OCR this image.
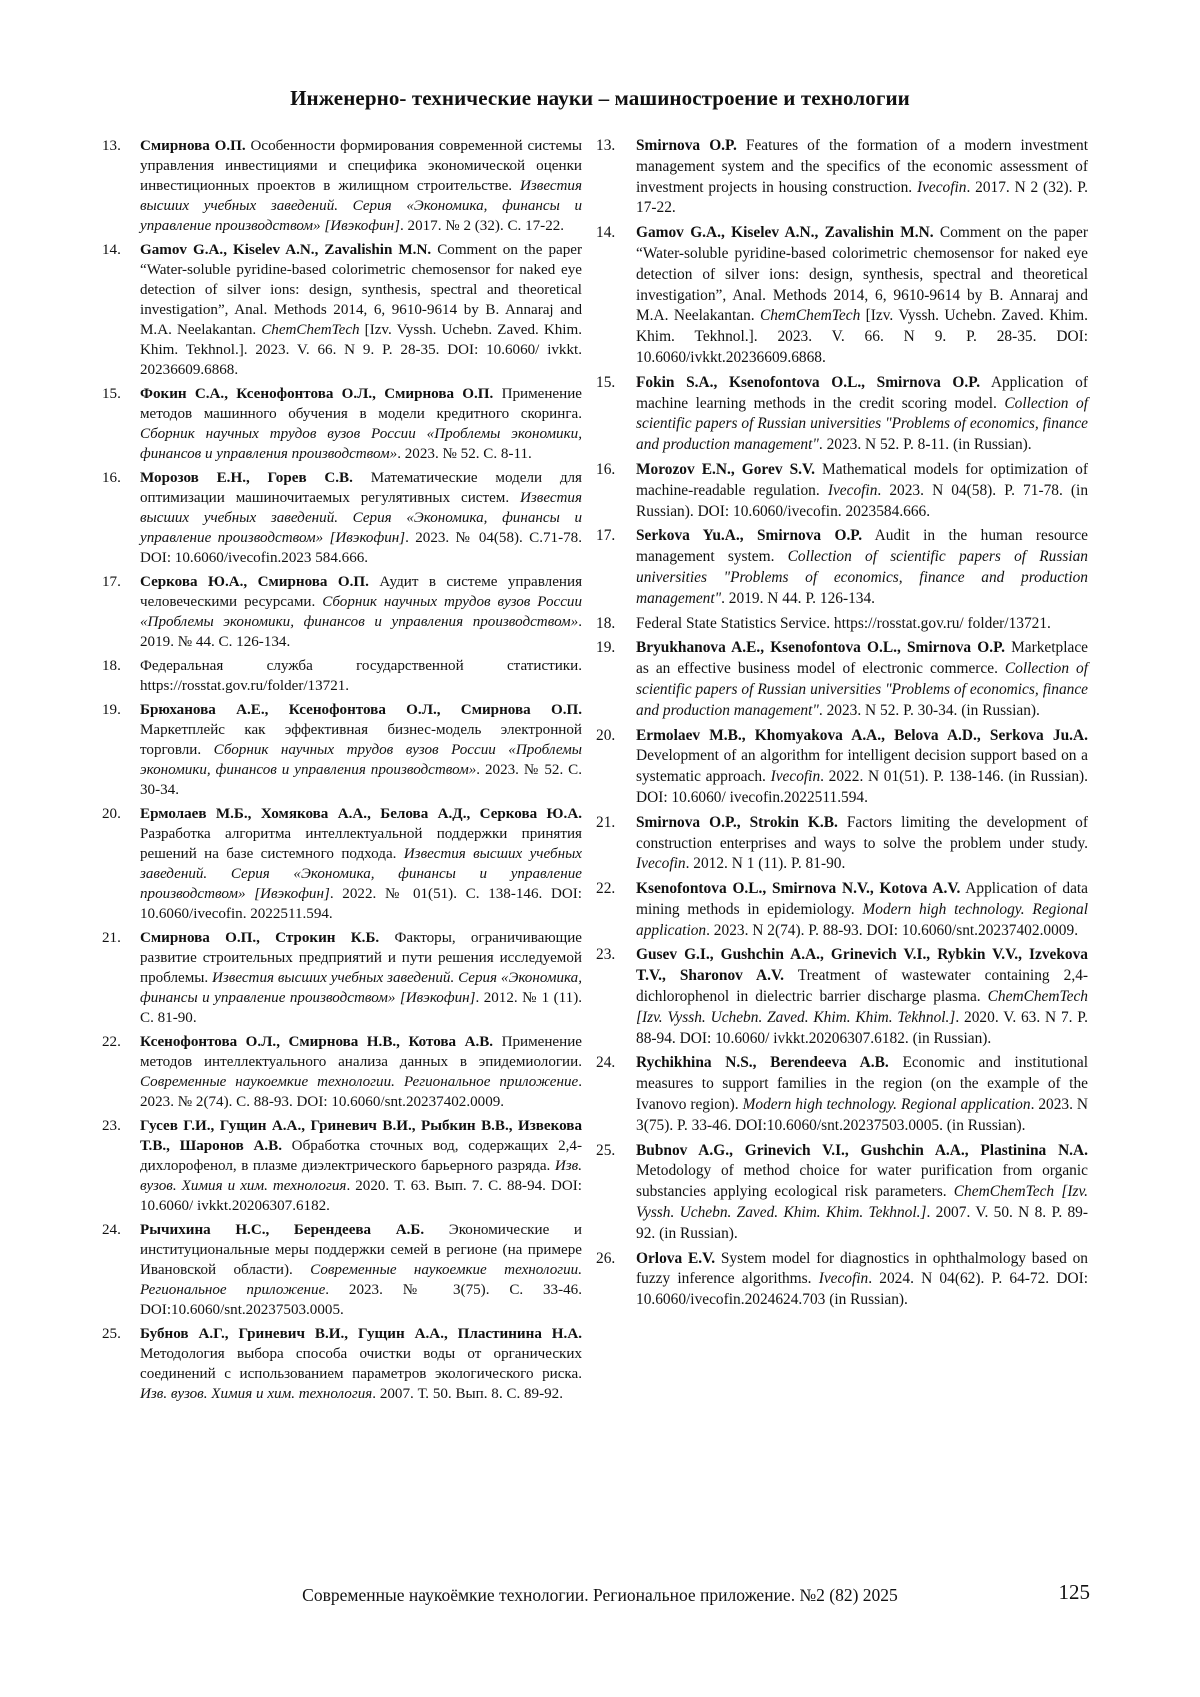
Инженерно- технические науки – машиностроение и технологии
13. Смирнова О.П. Особенности формирования современной системы управления инвестициями и специфика экономической оценки инвестиционных проектов в жилищном строительстве. Известия высших учебных заведений. Серия «Экономика, финансы и управление производством» [Ивэкофин]. 2017. № 2 (32). С. 17-22.
14. Gamov G.A., Kiselev A.N., Zavalishin M.N. Comment on the paper “Water-soluble pyridine-based colorimetric chemosensor for naked eye detection of silver ions: design, synthesis, spectral and theoretical investigation”, Anal. Methods 2014, 6, 9610-9614 by B. Annaraj and M.A. Neelakantan. ChemChemTech [Izv. Vyssh. Uchebn. Zaved. Khim. Khim. Tekhnol.]. 2023. V. 66. N 9. P. 28-35. DOI: 10.6060/ ivkkt. 20236609.6868.
15. Фокин С.А., Ксенофонтова О.Л., Смирнова О.П. Применение методов машинного обучения в модели кредитного скоринга. Сборник научных трудов вузов России «Проблемы экономики, финансов и управления производством». 2023. № 52. С. 8-11.
16. Морозов Е.Н., Горев С.В. Математические модели для оптимизации машиночитаемых регулятивных систем. Известия высших учебных заведений. Серия «Экономика, финансы и управление производством» [Ивэкофин]. 2023. № 04(58). С.71-78. DOI: 10.6060/ivecofin.2023 584.666.
17. Серкова Ю.А., Смирнова О.П. Аудит в системе управления человеческими ресурсами. Сборник научных трудов вузов России «Проблемы экономики, финансов и управления производством». 2019. № 44. С. 126-134.
18. Федеральная служба государственной статистики. https://rosstat.gov.ru/folder/13721.
19. Брюханова А.Е., Ксенофонтова О.Л., Смирнова О.П. Маркетплейс как эффективная бизнес-модель электронной торговли. Сборник научных трудов вузов России «Проблемы экономики, финансов и управления производством». 2023. № 52. С. 30-34.
20. Ермолаев М.Б., Хомякова А.А., Белова А.Д., Серкова Ю.А. Разработка алгоритма интеллектуальной поддержки принятия решений на базе системного подхода. Известия высших учебных заведений. Серия «Экономика, финансы и управление производством» [Ивэкофин]. 2022. № 01(51). С. 138-146. DOI: 10.6060/ivecofin. 2022511.594.
21. Смирнова О.П., Строкин К.Б. Факторы, ограничивающие развитие строительных предприятий и пути решения исследуемой проблемы. Известия высших учебных заведений. Серия «Экономика, финансы и управление производством» [Ивэкофин]. 2012. № 1 (11). С. 81-90.
22. Ксенофонтова О.Л., Смирнова Н.В., Котова А.В. Применение методов интеллектуального анализа данных в эпидемиологии. Современные наукоемкие технологии. Региональное приложение. 2023. № 2(74). С. 88-93. DOI: 10.6060/snt.20237402.0009.
23. Гусев Г.И., Гущин А.А., Гриневич В.И., Рыбкин В.В., Извекова Т.В., Шаронов А.В. Обработка сточных вод, содержащих 2,4-дихлорофенол, в плазме диэлектрического барьерного разряда. Изв. вузов. Химия и хим. технология. 2020. Т. 63. Вып. 7. С. 88-94. DOI: 10.6060/ ivkkt.20206307.6182.
24. Рычихина Н.С., Берендеева А.Б. Экономические и институциональные меры поддержки семей в регионе (на примере Ивановской области). Современные наукоемкие технологии. Региональное приложение. 2023. № 3(75). С. 33-46. DOI:10.6060/snt.20237503.0005.
25. Бубнов А.Г., Гриневич В.И., Гущин А.А., Пластинина Н.А. Методология выбора способа очистки воды от органических соединений с использованием параметров экологического риска. Изв. вузов. Химия и хим. технология. 2007. Т. 50. Вып. 8. С. 89-92.
13. Smirnova O.P. Features of the formation of a modern investment management system and the specifics of the economic assessment of investment projects in housing construction. Ivecofin. 2017. N 2 (32). P. 17-22.
14. Gamov G.A., Kiselev A.N., Zavalishin M.N. Comment on the paper “Water-soluble pyridine-based colorimetric chemosensor for naked eye detection of silver ions: design, synthesis, spectral and theoretical investigation”, Anal. Methods 2014, 6, 9610-9614 by B. Annaraj and M.A. Neelakantan. ChemChemTech [Izv. Vyssh. Uchebn. Zaved. Khim. Khim. Tekhnol.]. 2023. V. 66. N 9. P. 28-35. DOI: 10.6060/ivkkt.20236609.6868.
15. Fokin S.A., Ksenofontova O.L., Smirnova O.P. Application of machine learning methods in the credit scoring model. Collection of scientific papers of Russian universities "Problems of economics, finance and production management". 2023. N 52. P. 8-11. (in Russian).
16. Morozov E.N., Gorev S.V. Mathematical models for optimization of machine-readable regulation. Ivecofin. 2023. N 04(58). P. 71-78. (in Russian). DOI: 10.6060/ivecofin. 2023584.666.
17. Serkova Yu.A., Smirnova O.P. Audit in the human resource management system. Collection of scientific papers of Russian universities "Problems of economics, finance and production management". 2019. N 44. P. 126-134.
18. Federal State Statistics Service. https://rosstat.gov.ru/ folder/13721.
19. Bryukhanova A.E., Ksenofontova O.L., Smirnova O.P. Marketplace as an effective business model of electronic commerce. Collection of scientific papers of Russian universities "Problems of economics, finance and production management". 2023. N 52. P. 30-34. (in Russian).
20. Ermolaev M.B., Khomyakova A.A., Belova A.D., Serkova Ju.A. Development of an algorithm for intelligent decision support based on a systematic approach. Ivecofin. 2022. N 01(51). P. 138-146. (in Russian). DOI: 10.6060/ ivecofin.2022511.594.
21. Smirnova O.P., Strokin K.B. Factors limiting the development of construction enterprises and ways to solve the problem under study. Ivecofin. 2012. N 1 (11). P. 81-90.
22. Ksenofontova O.L., Smirnova N.V., Kotova A.V. Application of data mining methods in epidemiology. Modern high technology. Regional application. 2023. N 2(74). P. 88-93. DOI: 10.6060/snt.20237402.0009.
23. Gusev G.I., Gushchin A.A., Grinevich V.I., Rybkin V.V., Izvekova T.V., Sharonov A.V. Treatment of wastewater containing 2,4-dichlorophenol in dielectric barrier discharge plasma. ChemChemTech [Izv. Vyssh. Uchebn. Zaved. Khim. Khim. Tekhnol.]. 2020. V. 63. N 7. P. 88-94. DOI: 10.6060/ ivkkt.20206307.6182. (in Russian).
24. Rychikhina N.S., Berendeeva A.B. Economic and institutional measures to support families in the region (on the example of the Ivanovo region). Modern high technology. Regional application. 2023. N 3(75). P. 33-46. DOI:10.6060/snt.20237503.0005. (in Russian).
25. Bubnov A.G., Grinevich V.I., Gushchin A.A., Plastinina N.A. Metodology of method choice for water purification from organic substancies applying ecological risk parameters. ChemChemTech [Izv. Vyssh. Uchebn. Zaved. Khim. Khim. Tekhnol.]. 2007. V. 50. N 8. P. 89-92. (in Russian).
26. Orlova E.V. System model for diagnostics in ophthalmology based on fuzzy inference algorithms. Ivecofin. 2024. N 04(62). P. 64-72. DOI: 10.6060/ivecofin.2024624.703 (in Russian).
Современные наукоёмкие технологии. Региональное приложение. №2 (82) 2025	125
